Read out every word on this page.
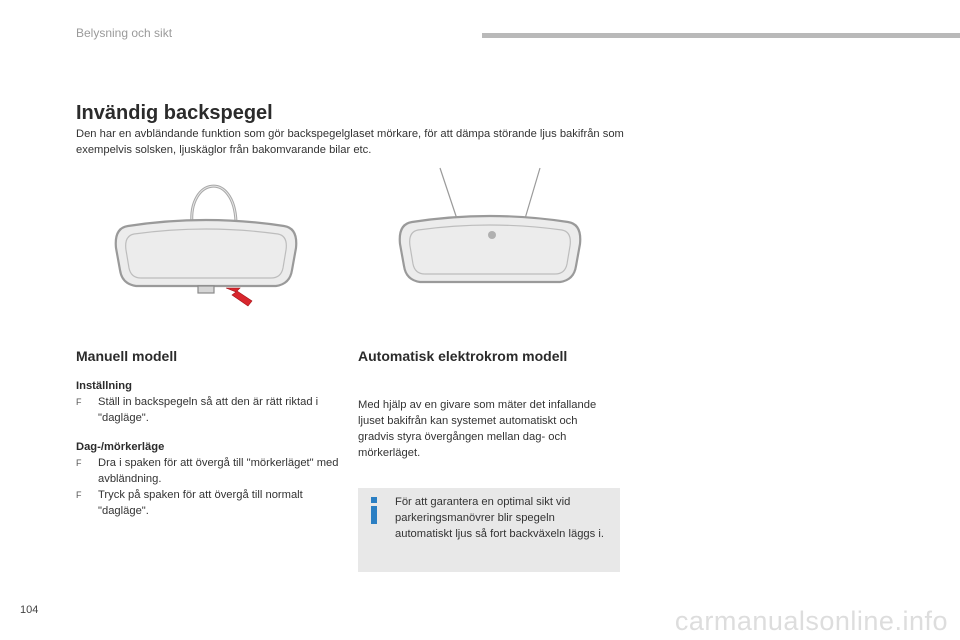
Belysning och sikt
Invändig backspegel

Den har en avbländande funktion som gör backspegelglaset mörkare, för att dämpa störande ljus bakifrån som exempelvis solsken, ljuskäglor från bakomvarande bilar etc.

Manuell modell
Inställning
F Ställ in backspegeln så att den är rätt riktad i "dagläge".
Dag-/mörkerläge
F Dra i spaken för att övergå till "mörkerläget" med avbländning.
F Tryck på spaken för att övergå till normalt "dagläge".
Automatisk elektrokrom modell
Med hjälp av en givare som mäter det infallande ljuset bakifrån kan systemet automatiskt och gradvis styra övergången mellan dag- och mörkerläget.
För att garantera en optimal sikt vid parkeringsmanövrer blir spegeln automatiskt ljus så fort backväxeln läggs i.
104	carmanualsonline.info
